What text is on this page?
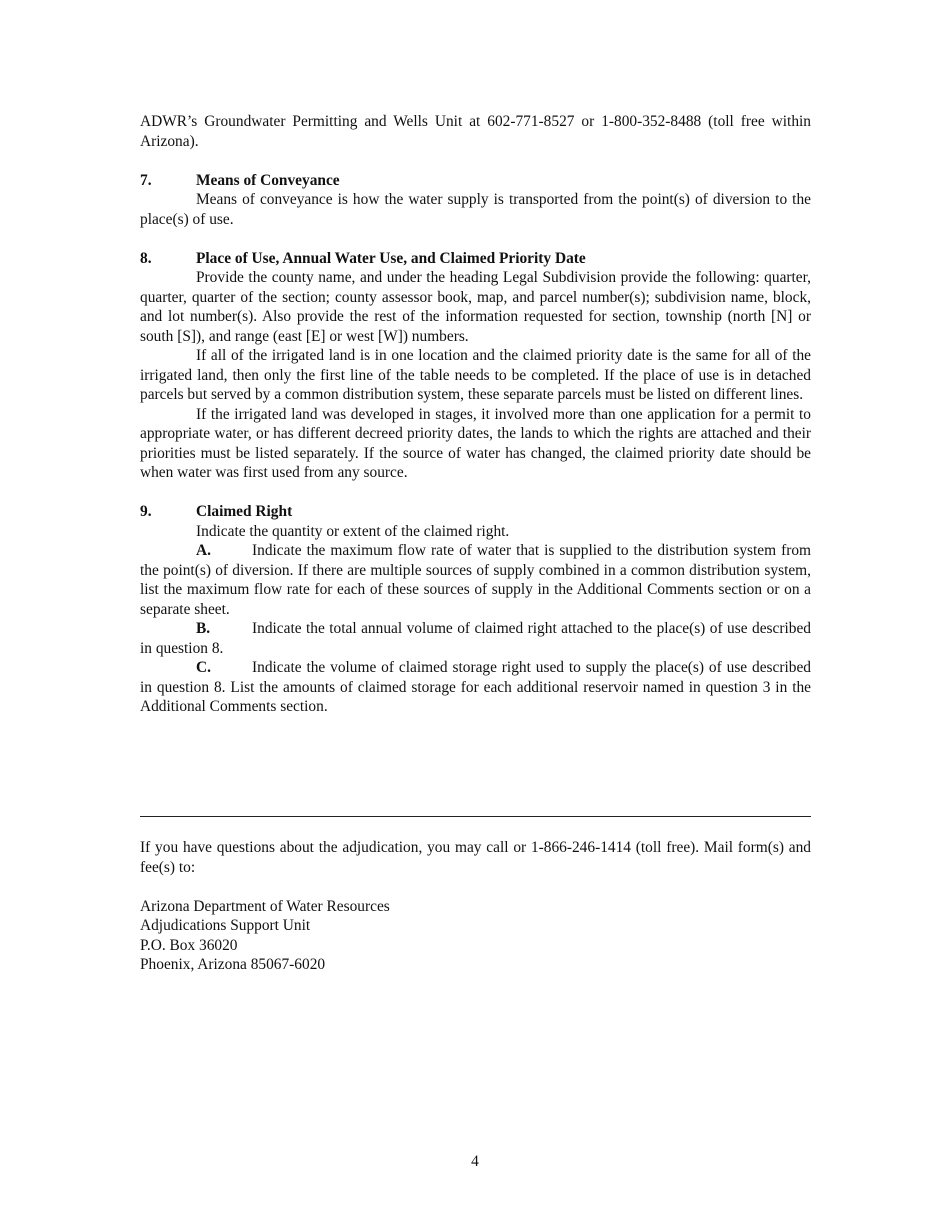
ADWR’s Groundwater Permitting and Wells Unit at 602-771-8527 or 1-800-352-8488 (toll free within Arizona).

7.	Means of Conveyance

Means of conveyance is how the water supply is transported from the point(s) of diversion to the place(s) of use.

8.	Place of Use, Annual Water Use, and Claimed Priority Date

Provide the county name, and under the heading Legal Subdivision provide the following: quarter, quarter, quarter of the section; county assessor book, map, and parcel number(s); subdivision name, block, and lot number(s). Also provide the rest of the information requested for section, township (north [N] or south [S]), and range (east [E] or west [W]) numbers.

If all of the irrigated land is in one location and the claimed priority date is the same for all of the irrigated land, then only the first line of the table needs to be completed. If the place of use is in detached parcels but served by a common distribution system, these separate parcels must be listed on different lines.

If the irrigated land was developed in stages, it involved more than one application for a permit to appropriate water, or has different decreed priority dates, the lands to which the rights are attached and their priorities must be listed separately. If the source of water has changed, the claimed priority date should be when water was first used from any source.

9.	Claimed Right

Indicate the quantity or extent of the claimed right.

A.	Indicate the maximum flow rate of water that is supplied to the distribution system from the point(s) of diversion. If there are multiple sources of supply combined in a common distribution system, list the maximum flow rate for each of these sources of supply in the Additional Comments section or on a separate sheet.

B.	Indicate the total annual volume of claimed right attached to the place(s) of use described in question 8.

C.	Indicate the volume of claimed storage right used to supply the place(s) of use described in question 8. List the amounts of claimed storage for each additional reservoir named in question 3 in the Additional Comments section.

If you have questions about the adjudication, you may call or 1-866-246-1414 (toll free). Mail form(s) and fee(s) to:

Arizona Department of Water Resources

Adjudications Support Unit

P.O. Box 36020

Phoenix, Arizona 85067-6020

4
